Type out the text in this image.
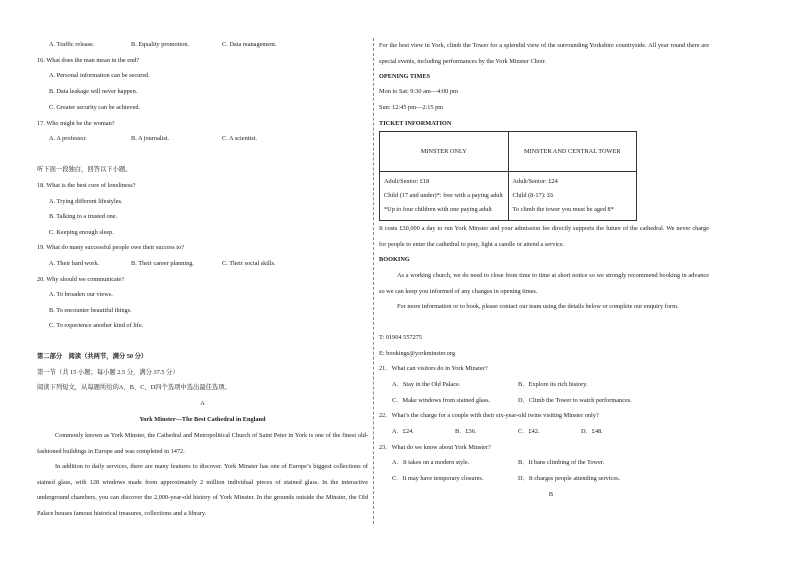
A. Traffic release.	B. Equality promotion.	C. Data management.
16. What does the man mean in the end?
A. Personal information can be secured.
B. Data leakage will never happen.
C. Greater security can be achieved.
17. Who might be the woman?
A. A professor.	B. A journalist.	C. A scientist.
听下面一段独白，回答以下小题。
18. What is the best cure of loneliness?
A. Trying different lifestyles.
B. Talking to a trusted one.
C. Keeping enough sleep.
19. What do many successful people owe their success to?
A. Their hard work.	B. Their career planning.	C. Their social skills.
20. Why should we communicate?
A. To broaden our views.
B. To encounter beautiful things.
C. To experience another kind of life.
第二部分　阅读（共两节，满分 50 分）
第一节（共 15 小题；每小题 2.5 分，满分 37.5 分）
阅读下列短文，从每题所给的A、B、C、D四个选项中选出最佳选项。
A
York Minster—The Best Cathedral in England
Commonly known as York Minster, the Cathedral and Metropolitical Church of Saint Peter in York is one of the finest old-fashioned buildings in Europe and was completed in 1472.
In addition to daily services, there are many features to discover. York Minster has one of Europe’s biggest collections of stained glass, with 128 windows made from approximately 2 million individual pieces of stained glass. In the interactive underground chambers, you can discover the 2,000-year-old history of York Minster. In the grounds outside the Minster, the Old Palace houses famous historical treasures, collections and a library.
For the best view in York, climb the Tower for a splendid view of the surrounding Yorkshire countryside. All year round there are special events, including performances by the York Minster Choir.
OPENING TIMES
Mon to Sat: 9:30 am—4:00 pm
Sun: 12:45 pm—2:15 pm
TICKET INFORMATION
MINSTER ONLY	MINSTER AND CENTRAL TOWER

Adult/Senior: £18
Child (17 and under)*: free with a paying adult
*Up to four children with one paying adult	Adult/Senior: £24
Child (8-17): £6
To climb the tower you must be aged 8*
It costs £30,000 a day to run York Minster and your admission fee directly supports the future of the cathedral. We never charge for people to enter the cathedral to pray, light a candle or attend a service.
BOOKING
As a working church, we do need to close from time to time at short notice so we strongly recommend booking in advance so we can keep you informed of any changes in opening times.
For more information or to book, please contact our team using the details below or complete our enquiry form.
T: 01904 557275
E: bookings@yorkminster.org
21．What can visitors do in York Minster?
A．Stay in the Old Palace.	B．Explore its rich history.
C．Make windows from stained glass.	D．Climb the Tower to watch performances.
22．What’s the charge for a couple with their six-year-old twins visiting Minster only?
A．£24.	B．£36.	C．£42.	D．£48.
23．What do we know about York Minster?
A．It takes on a modern style.	B．It bans climbing of the Tower.
C．It may have temporary closures.	D．It charges people attending services.
B
